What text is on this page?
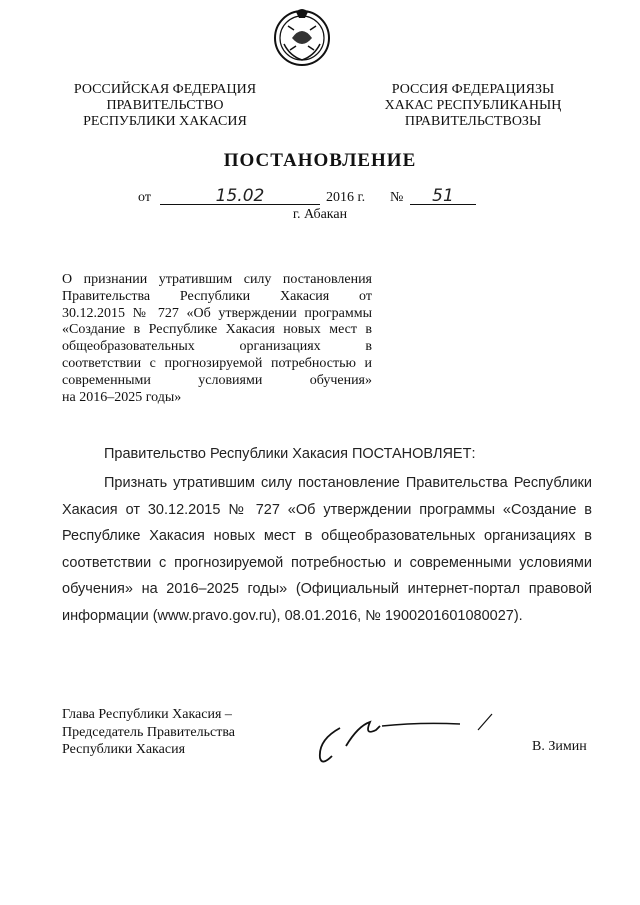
РОССИЙСКАЯ ФЕДЕРАЦИЯ
ПРАВИТЕЛЬСТВО
РЕСПУБЛИКИ ХАКАСИЯ
РОССИЯ ФЕДЕРАЦИЯЗЫ
ХАКАС РЕСПУБЛИКАНЫҢ
ПРАВИТЕЛЬСТВОЗЫ
ПОСТАНОВЛЕНИЕ
от	15.02	2016 г. №	51
г. Абакан
О признании утратившим силу постановления
Правительства Республики Хакасия от
30.12.2015 № 727 «Об утверждении программы
«Создание в Республике Хакасия новых мест в
общеобразовательных организациях в
соответствии с прогнозируемой потребностью и
современными условиями обучения»
на 2016–2025 годы»
Правительство Республики Хакасия ПОСТАНОВЛЯЕТ:
Признать утратившим силу постановление Правительства Республики
Хакасия от 30.12.2015 № 727 «Об утверждении программы «Создание в
Республике Хакасия новых мест в общеобразовательных организациях в
соответствии с прогнозируемой потребностью и современными условиями
обучения» на 2016–2025 годы» (Официальный интернет-портал правовой
информации (www.pravo.gov.ru), 08.01.2016, № 1900201601080027).
Глава Республики Хакасия –
Председатель Правительства
Республики Хакасия	В. Зимин
